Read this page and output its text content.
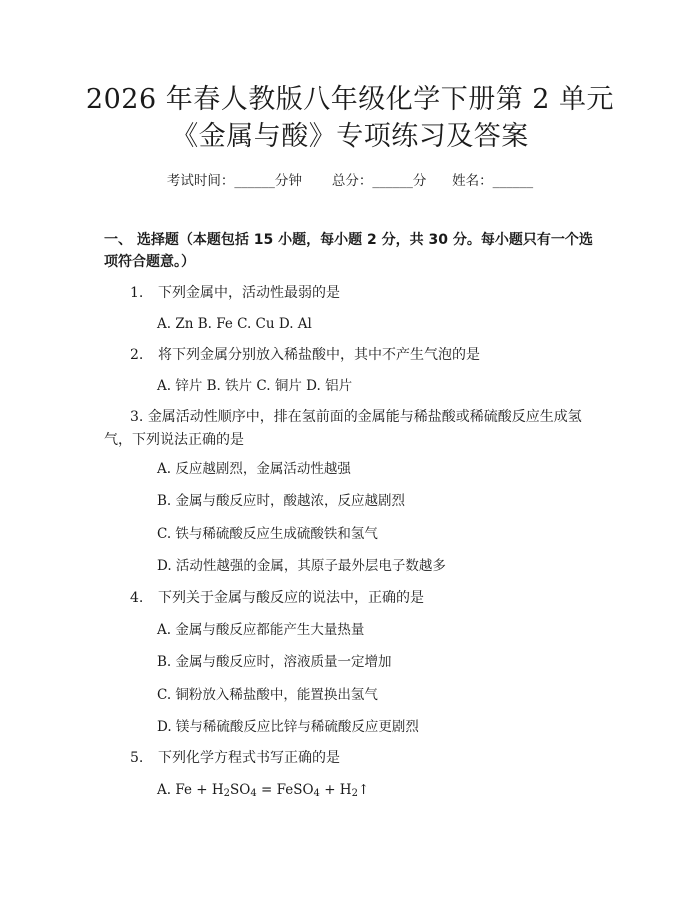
2026 年春人教版八年级化学下册第 2 单元
《金属与酸》专项练习及答案
考试时间：______分钟 总分：______分 姓名：______
一、 选择题（本题包括 15 小题，每小题 2 分，共 30 分。每小题只有一个选项符合题意。）
1. 下列金属中，活动性最弱的是
A. Zn B. Fe C. Cu D. Al
2. 将下列金属分别放入稀盐酸中，其中不产生气泡的是
A. 锌片 B. 铁片 C. 铜片 D. 铝片
3. 金属活动性顺序中，排在氢前面的金属能与稀盐酸或稀硫酸反应生成氢气，下列说法正确的是
A. 反应越剧烈，金属活动性越强
B. 金属与酸反应时，酸越浓，反应越剧烈
C. 铁与稀硫酸反应生成硫酸铁和氢气
D. 活动性越强的金属，其原子最外层电子数越多
4. 下列关于金属与酸反应的说法中，正确的是
A. 金属与酸反应都能产生大量热量
B. 金属与酸反应时，溶液质量一定增加
C. 铜粉放入稀盐酸中，能置换出氢气
D. 镁与稀硫酸反应比锌与稀硫酸反应更剧烈
5. 下列化学方程式书写正确的是
A. $Fe + H_2SO_4$ = FeSO$_4$ + $H_2↑$
